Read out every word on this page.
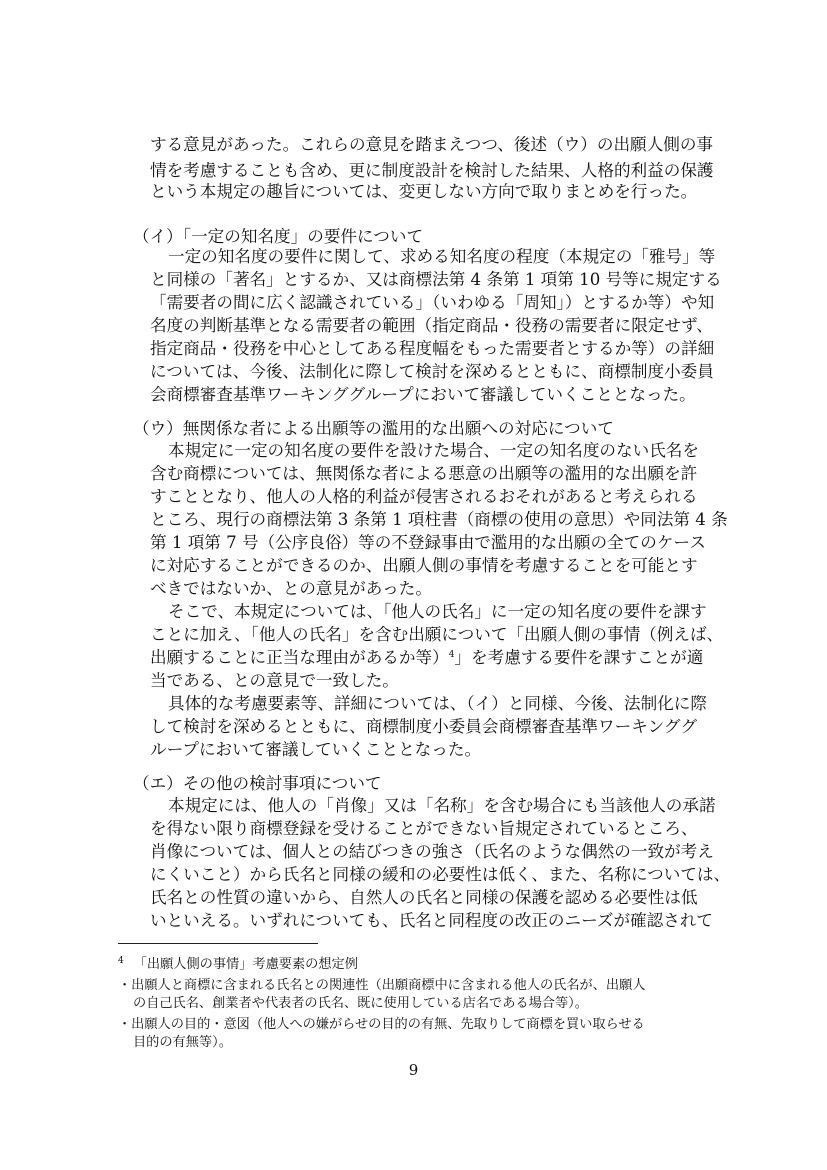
する意見があった。これらの意見を踏まえつつ、後述（ウ）の出願人側の事
情を考慮することも含め、更に制度設計を検討した結果、人格的利益の保護
という本規定の趣旨については、変更しない方向で取りまとめを行った。
（イ）「一定の知名度」の要件について
一定の知名度の要件に関して、求める知名度の程度（本規定の「雅号」等
と同様の「著名」とするか、又は商標法第 4 条第 1 項第 10 号等に規定する
「需要者の間に広く認識されている」（いわゆる「周知」）とするか等）や知
名度の判断基準となる需要者の範囲（指定商品・役務の需要者に限定せず、
指定商品・役務を中心としてある程度幅をもった需要者とするか等）の詳細
については、今後、法制化に際して検討を深めるとともに、商標制度小委員
会商標審査基準ワーキンググループにおいて審議していくこととなった。
（ウ）無関係な者による出願等の濫用的な出願への対応について
本規定に一定の知名度の要件を設けた場合、一定の知名度のない氏名を
含む商標については、無関係な者による悪意の出願等の濫用的な出願を許
すこととなり、他人の人格的利益が侵害されるおそれがあると考えられる
ところ、現行の商標法第 3 条第 1 項柱書（商標の使用の意思）や同法第 4 条
第 1 項第 7 号（公序良俗）等の不登録事由で濫用的な出願の全てのケース
に対応することができるのか、出願人側の事情を考慮することを可能とす
べきではないか、との意見があった。
そこで、本規定については、「他人の氏名」に一定の知名度の要件を課す
ことに加え、「他人の氏名」を含む出願について「出願人側の事情（例えば、
出願することに正当な理由があるか等）$^4$」を考慮する要件を課すことが適
当である、との意見で一致した。
具体的な考慮要素等、詳細については、（イ）と同様、今後、法制化に際
して検討を深めるとともに、商標制度小委員会商標審査基準ワーキンググ
ループにおいて審議していくこととなった。
（エ）その他の検討事項について
本規定には、他人の「肖像」又は「名称」を含む場合にも当該他人の承諾
を得ない限り商標登録を受けることができない旨規定されているところ、
肖像については、個人との結びつきの強さ（氏名のような偶然の一致が考え
にくいこと）から氏名と同様の緩和の必要性は低く、また、名称については、
氏名との性質の違いから、自然人の氏名と同様の保護を認める必要性は低
いといえる。いずれについても、氏名と同程度の改正のニーズが確認されて
$^4$ 「出願人側の事情」考慮要素の想定例
・出願人と商標に含まれる氏名との関連性（出願商標中に含まれる他人の氏名が、出願人
の自己氏名、創業者や代表者の氏名、既に使用している店名である場合等）。
・出願人の目的・意図（他人への嫌がらせの目的の有無、先取りして商標を買い取らせる
目的の有無等）。
9
